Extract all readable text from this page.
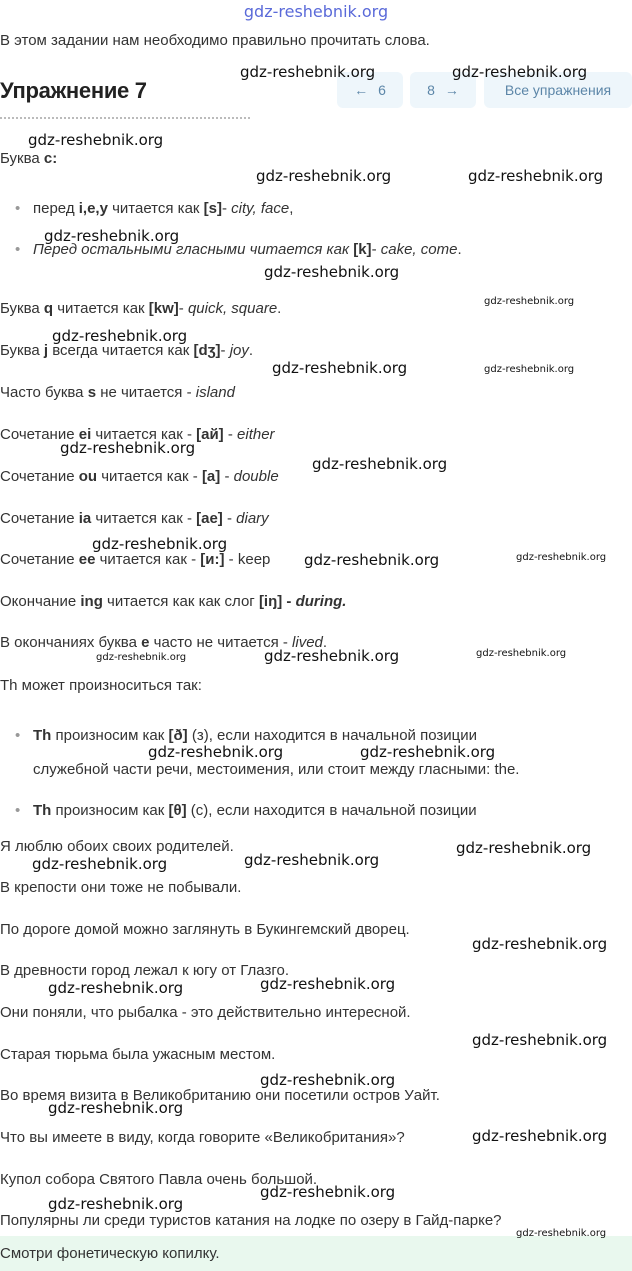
gdz-reshebnik.org
В этом задании нам необходимо правильно прочитать слова.
Упражнение 7	← 6	8 →	Все упражнения
Буква c:
• перед i,e,y читается как [s]- city, face,
• Перед остальными гласными читается как [k]- cake, come.
Буква q читается как [kw]- quick, square.
Буква j всегда читается как [dʒ]- joy.
Часто буква s не читается - island
Сочетание ei читается как - [ай] - either
Сочетание ou читается как - [а] - double
Сочетание ia читается как - [ae] - diary
Сочетание ee читается как - [и:] - keep
Окончание ing читается как как слог [iŋ] - during.
В окончаниях буква e часто не читается - lived.
Th может произноситься так:
• Th произносим как [ð] (з), если находится в начальной позиции
служебной части речи, местоимения, или стоит между гласными: the.
• Th произносим как [θ] (с), если находится в начальной позиции
Я люблю обоих своих родителей.
В крепости они тоже не побывали.
По дороге домой можно заглянуть в Букингемский дворец.
В древности город лежал к югу от Глазго.
Они поняли, что рыбалка - это действительно интересной.
Старая тюрьма была ужасным местом.
Во время визита в Великобританию они посетили остров Уайт.
Что вы имеете в виду, когда говорите «Великобритания»?
Купол собора Святого Павла очень большой.
Популярны ли среди туристов катания на лодке по озеру в Гайд-парке?
Смотри фонетическую копилку.
gdz-reshebnik.org	gdz-reshebnik.org
gdz-reshebnik.org
gdz-reshebnik.org	gdz-reshebnik.org
gdz-reshebnik.org
gdz-reshebnik.org
gdz-reshebnik.org
gdz-reshebnik.org
gdz-reshebnik.org	gdz-reshebnik.org
gdz-reshebnik.org
gdz-reshebnik.org
gdz-reshebnik.org
gdz-reshebnik.org	gdz-reshebnik.org
gdz-reshebnik.org	gdz-reshebnik.org	gdz-reshebnik.org
gdz-reshebnik.org	gdz-reshebnik.org
gdz-reshebnik.org
gdz-reshebnik.org	gdz-reshebnik.org
gdz-reshebnik.org
gdz-reshebnik.org	gdz-reshebnik.org
gdz-reshebnik.org
gdz-reshebnik.org
gdz-reshebnik.org
gdz-reshebnik.org
gdz-reshebnik.org
gdz-reshebnik.org
gdz-reshebnik.org
